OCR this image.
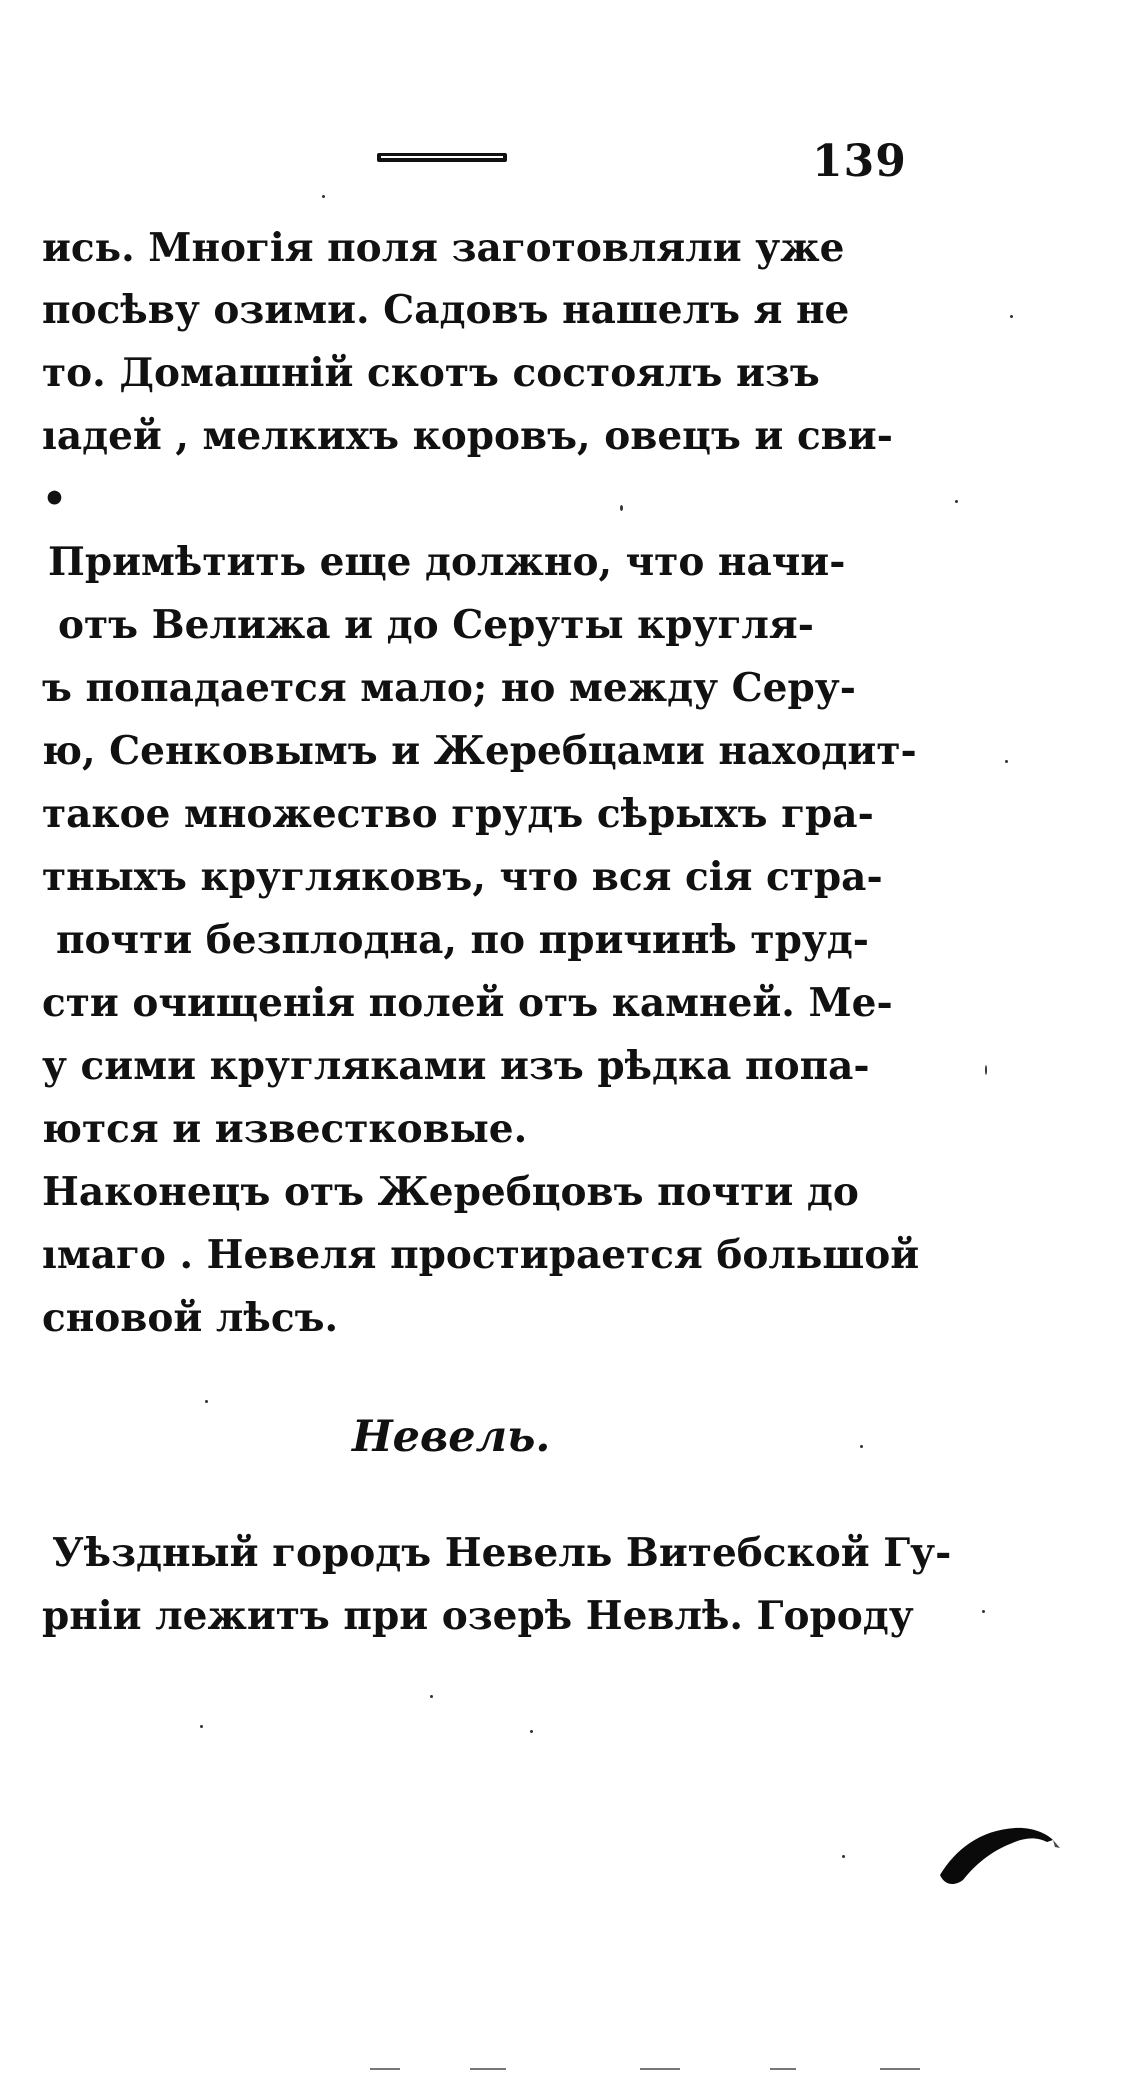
139
ись. Многія поля заготовляли уже
посѣву озими. Садовъ нашелъ я не
то. Домашній скотъ состоялъ изъ
ıадей , мелкихъ коровъ, овецъ и сви-
•
Примѣтить еще должно, что начи-
отъ Велижа и до Серуты кругля-
ъ попадается мало; но между Серу-
ю, Сенковымъ и Жеребцами находит-
такое множество грудъ сѣрыхъ гра-
тныхъ кругляковъ, что вся сія стра-
почти безплодна, по причинѣ труд-
сти очищенія полей отъ камней. Ме-
у сими кругляками изъ рѣдка попа-
ются и известковые.
Наконецъ отъ Жеребцовъ почти до
ıмаго . Невеля простирается большой
сновой лѣсъ.
Невель.
Уѣздный городъ Невель Витебской Гу-
рніи лежитъ при озерѣ Невлѣ. Городу
